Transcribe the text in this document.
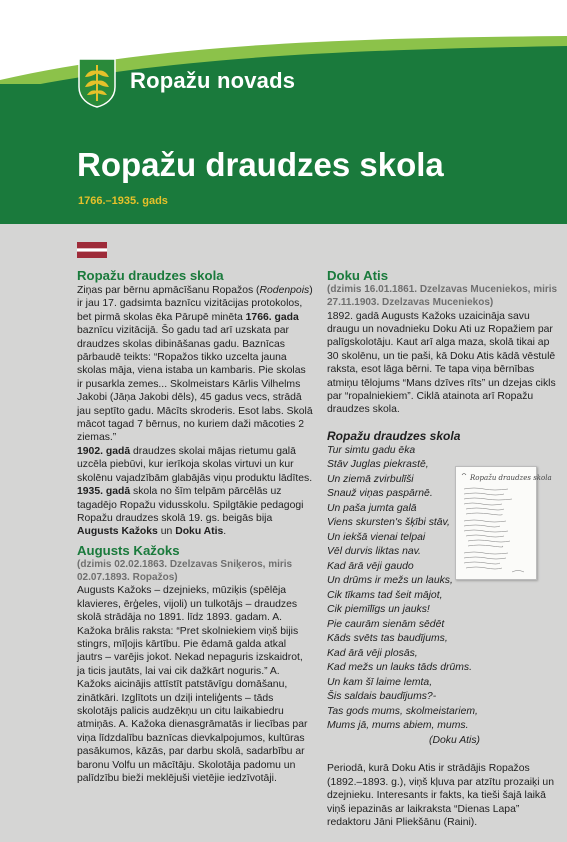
Ropažu novads
Ropažu draudzes skola
1766.–1935. gads
Ropažu draudzes skola

Ziņas par bērnu apmācīšanu Ropažos (Rodenpois) ir jau 17. gadsimta baznīcu vizitācijas protokolos, bet pirmā skolas ēka Pārupē minēta 1766. gada baznīcu vizitācijā. Šo gadu tad arī uzskata par draudzes skolas dibināšanas gadu. Baznīcas pārbaudē teikts: “Ropažos tikko uzcelta jauna skolas māja, viena istaba un kambaris. Pie skolas ir pusarkla zemes... Skolmeistars Kārlis Vilhelms Jakobi (Jāņa Jakobi dēls), 45 gadus vecs, strādā jau septīto gadu. Mācīts skroderis. Esot labs. Skolā mācot tagad 7 bērnus, no kuriem daži mācoties 2 ziemas.”

1902. gadā draudzes skolai mājas rietumu galā uzcēla piebūvi, kur ierīkoja skolas virtuvi un kur skolēnu vajadzībām glabājās viņu produktu lādītes.

1935. gadā skola no šīm telpām pārcēlās uz tagadējo Ropažu vidusskolu. Spilgtākie pedagogi Ropažu draudzes skolā 19. gs. beigās bija Augusts Kažoks un Doku Atis.

Augusts Kažoks
(dzimis 02.02.1863. Dzelzavas Sniķeros, miris 02.07.1893. Ropažos)

Augusts Kažoks – dzejnieks, mūziķis (spēlēja klavieres, ērģeles, vijoli) un tulkotājs – draudzes skolā strādāja no 1891. līdz 1893. gadam. A. Kažoka brālis raksta: “Pret skolniekiem viņš bijis stingrs, mīļojis kārtību. Pie ēdamā galda atkal jautrs – varējis jokot. Nekad nepaguris izskaidrot, ja ticis jautāts, lai vai cik dažkārt noguris.” A. Kažoks aicinājis attīstīt patstāvīgu domāšanu, zinātkāri. Izglītots un dziļi inteliģents – tāds skolotājs palicis audzēkņu un citu laikabiedru atmiņās. A. Kažoka dienasgrāmatās ir liecības par viņa līdzdalību baznīcas dievkalpojumos, kultūras pasākumos, kāzās, par darbu skolā, sadarbību ar baronu Volfu un mācītāju. Skolotāja padomu un palīdzību bieži meklējuši vietējie iedzīvotāji.

Doku Atis
(dzimis 16.01.1861. Dzelzavas Muceniekos, miris 27.11.1903. Dzelzavas Muceniekos)

1892. gadā Augusts Kažoks uzaicināja savu draugu un novadnieku Doku Ati uz Ropažiem par palīgskolotāju. Kaut arī alga maza, skolā tikai ap 30 skolēnu, un tie paši, kā Doku Atis kādā vēstulē raksta, esot lāga bērni. Te tapa viņa bērnības atmiņu tēlojums “Mans dzīves rīts” un dzejas cikls par “ropalniekiem”. Ciklā atainota arī Ropažu draudzes skola.

Ropažu draudzes skola
Tur simtu gadu ēka
Stāv Juglas piekrastē,
Un ziemā zvirbulīši
Snauž viņas paspārnē.
Un paša jumta galā
Viens skursten's šķībi stāv,
Un iekšā vienai telpai
Vēl durvis liktas nav.
Kad ārā vēji gaudo
Un drūms ir mežs un lauks,
Cik tīkams tad šeit mājot,
Cik piemīlīgs un jauks!
Pie caurām sienām sēdēt
Kāds svēts tas baudījums,
Kad ārā vēji plosās,
Kad mežs un lauks tāds drūms.
Un kam šī laime lemta,
Šis saldais baudījums?-
Tas gods mums, skolmeistariem,
Mums jā, mums abiem, mums.
(Doku Atis)

Periodā, kurā Doku Atis ir strādājis Ropažos (1892.–1893. g.), viņš kļuva par atzītu prozaiķi un dzejnieku. Interesants ir fakts, ka tieši šajā laikā viņš iepazinās ar laikraksta “Dienas Lapa” redaktoru Jāni Pliekšānu (Raini).

Ropažu draudzes skola
